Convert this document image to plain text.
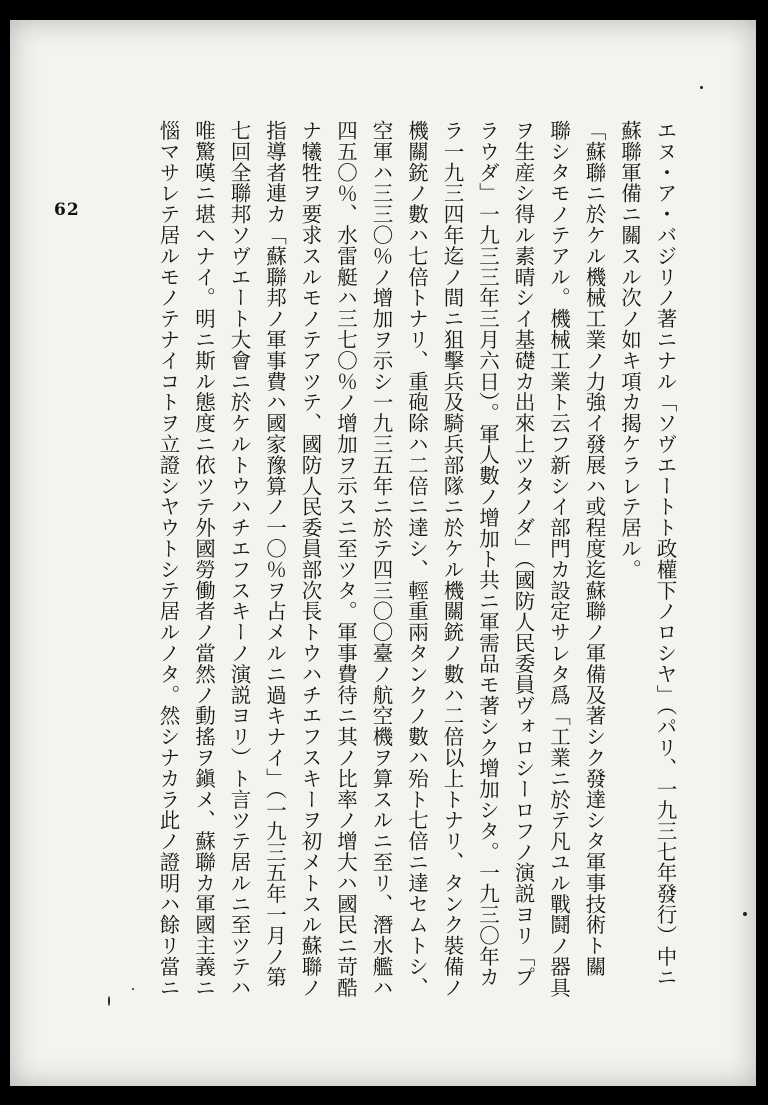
62	エヌ・ア・バジリノ著ニナル「ソヴエートト政權下ノロシヤ」（パリ、一九三七年發行）中ニ

蘇聯軍備ニ關スル次ノ如キ項カ揭ケラレテ居ル。

「蘇聯ニ於ケル機械工業ノ力強イ發展ハ或程度迄蘇聯ノ軍備及著シク發達シタ軍事技術ト關

聯シタモノテアル。機械工業ト云フ新シイ部門カ設定サレタ爲「工業ニ於テ凡ユル戰鬪ノ器具

ヲ生産シ得ル素晴シイ基礎カ出來上ツタノダ」（國防人民委員ヴォロシーロフノ演説ヨリ「プ

ラウダ」一九三三年三月六日）。軍人數ノ增加ト共ニ軍需品モ著シク增加シタ。一九三〇年カ

ラ一九三四年迄ノ間ニ狙擊兵及騎兵部隊ニ於ケル機關銃ノ數ハ二倍以上トナリ、タンク裝備ノ

機關銃ノ數ハ七倍トナリ、重砲除ハ二倍ニ達シ、輕重兩タンクノ數ハ殆ト七倍ニ達セムトシ、

空軍ハ三三〇％ノ增加ヲ示シ一九三五年ニ於テ四三〇〇臺ノ航空機ヲ算スルニ至リ、潛水艦ハ

四五〇％、水雷艇ハ三七〇％ノ增加ヲ示スニ至ツタ。軍事費待ニ其ノ比率ノ增大ハ國民ニ苛酷

ナ犧牲ヲ要求スルモノテアツテ、國防人民委員部次長トウハチエフスキーヲ初メトスル蘇聯ノ

指導者連カ「蘇聯邦ノ軍事費ハ國家豫算ノ一〇％ヲ占メルニ過キナイ」（一九三五年一月ノ第

七回全聯邦ソヴエート大會ニ於ケルトウハチエフスキーノ演説ヨリ）ト言ツテ居ルニ至ツテハ

唯驚嘆ニ堪ヘナイ。明ニ斯ル態度ニ依ツテ外國勞働者ノ當然ノ動搖ヲ鎭メ、蘇聯カ軍國主義ニ

惱マサレテ居ルモノテナイコトヲ立證シヤウトシテ居ルノタ。然シナカラ此ノ證明ハ餘リ當ニ
